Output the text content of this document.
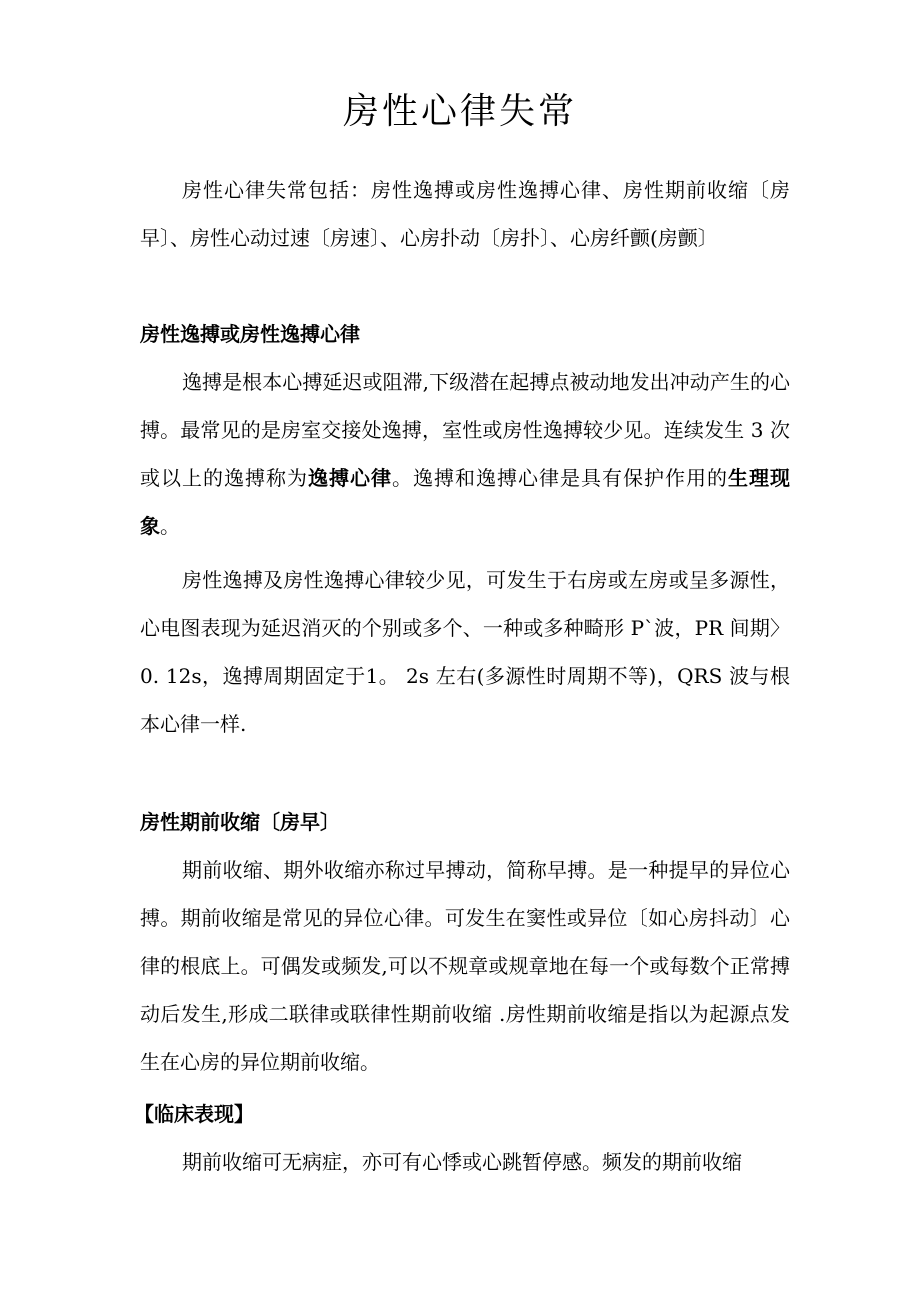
房性心律失常

房性心律失常包括：房性逸搏或房性逸搏心律、房性期前收缩〔房早〕、房性心动过速〔房速〕、心房扑动〔房扑〕、心房纤颤(房颤〕

房性逸搏或房性逸搏心律

逸搏是根本心搏延迟或阻滞,下级潜在起搏点被动地发出冲动产生的心搏。最常见的是房室交接处逸搏，室性或房性逸搏较少见。连续发生 3 次或以上的逸搏称为逸搏心律。逸搏和逸搏心律是具有保护作用的生理现象。

房性逸搏及房性逸搏心律较少见，可发生于右房或左房或呈多源性，心电图表现为延迟消灭的个别或多个、一种或多种畸形 P`波，PR 间期〉0. 12s，逸搏周期固定于1。 2s 左右(多源性时周期不等)，QRS 波与根本心律一样.

房性期前收缩〔房早〕

期前收缩、期外收缩亦称过早搏动，简称早搏。是一种提早的异位心搏。期前收缩是常见的异位心律。可发生在窦性或异位〔如心房抖动〕心律的根底上。可偶发或频发,可以不规章或规章地在每一个或每数个正常搏动后发生,形成二联律或联律性期前收缩 .房性期前收缩是指以为起源点发生在心房的异位期前收缩。

【临床表现】

期前收缩可无病症，亦可有心悸或心跳暂停感。频发的期前收缩
